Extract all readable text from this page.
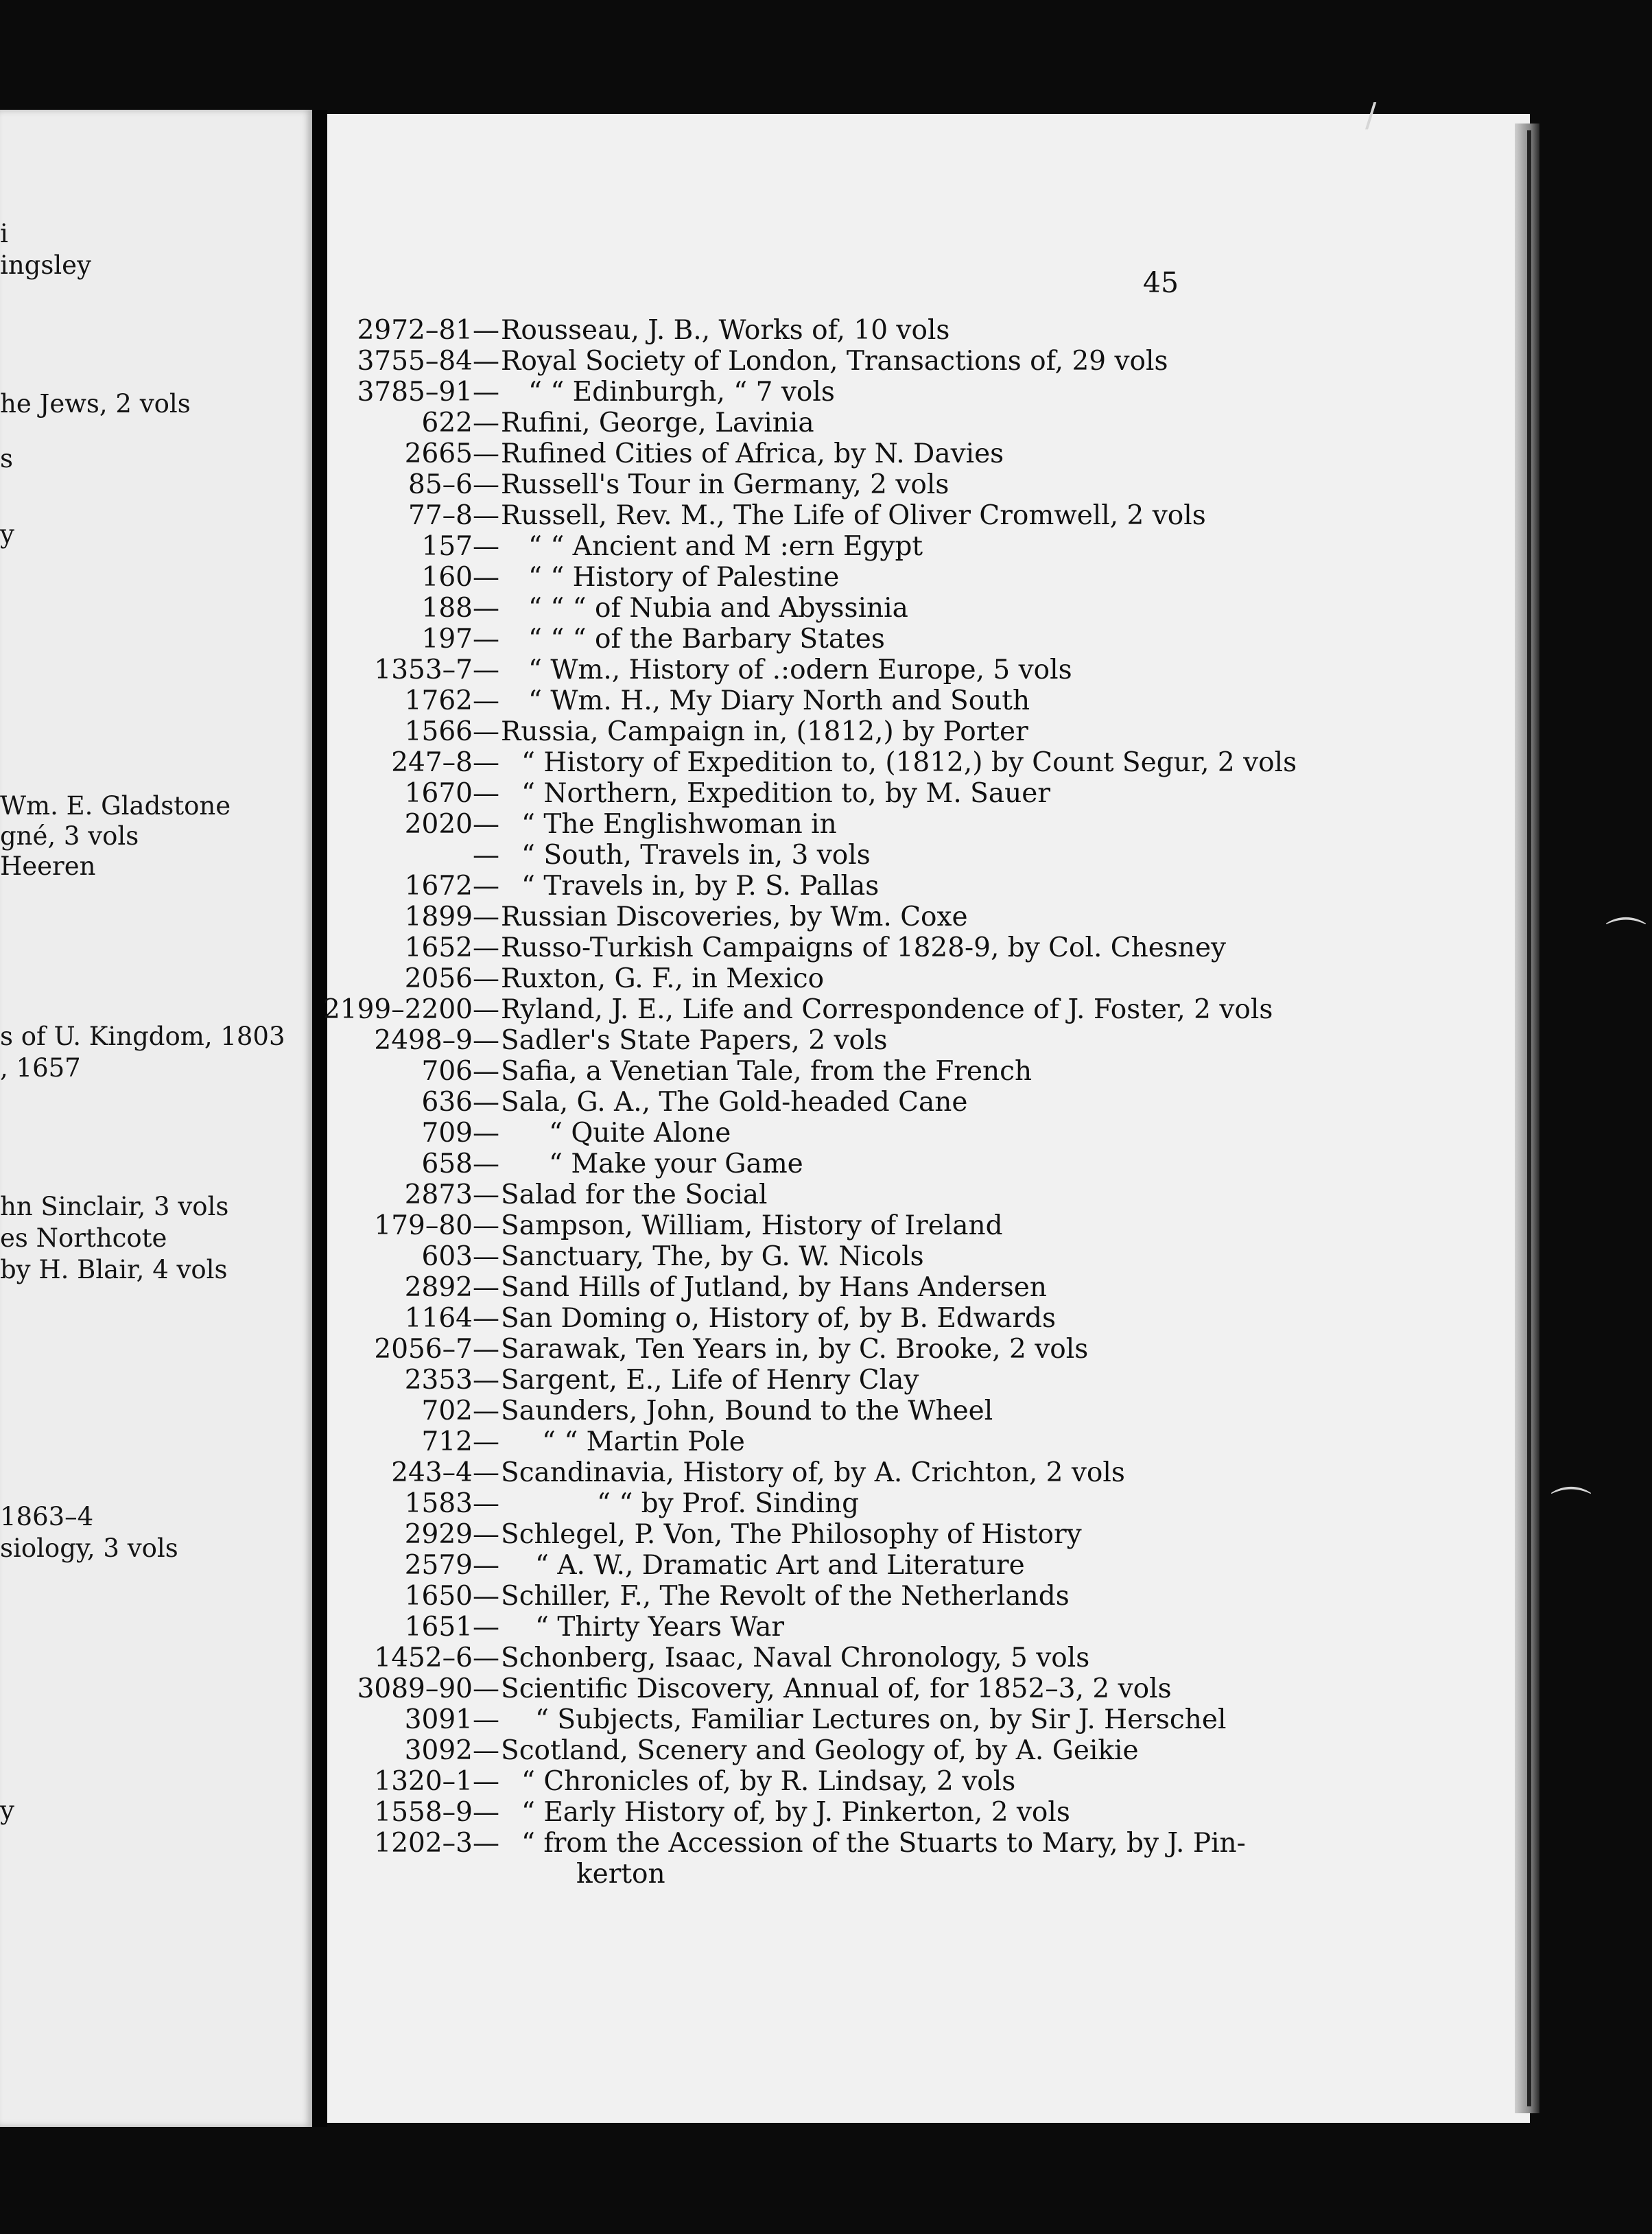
i
ingsley
he Jews, 2 vols
s
y
Wm. E. Gladstone
gné, 3 vols
Heeren
s of U. Kingdom, 1803
, 1657
hn Sinclair, 3 vols
es Northcote
by H. Blair, 4 vols
1863–4
siology, 3 vols
y
45
2972–81— Rousseau, J. B., Works of, 10 vols
3755–84— Royal Society of London, Transactions of, 29 vols
3785–91— “ “ Edinburgh, “ 7 vols
622— Rufini, George, Lavinia
2665— Rufined Cities of Africa, by N. Davies
85–6— Russell's Tour in Germany, 2 vols
77–8— Russell, Rev. M., The Life of Oliver Cromwell, 2 vols
157— “ “ Ancient and M :ern Egypt
160— “ “ History of Palestine
188— “ “ “ of Nubia and Abyssinia
197— “ “ “ of the Barbary States
1353–7— “ Wm., History of .:odern Europe, 5 vols
1762— “ Wm. H., My Diary North and South
1566— Russia, Campaign in, (1812,) by Porter
247–8— “ History of Expedition to, (1812,) by Count Segur, 2 vols
1670— “ Northern, Expedition to, by M. Sauer
2020— “ The Englishwoman in
— “ South, Travels in, 3 vols
1672— “ Travels in, by P. S. Pallas
1899— Russian Discoveries, by Wm. Coxe
1652— Russo-Turkish Campaigns of 1828-9, by Col. Chesney
2056— Ruxton, G. F., in Mexico
2199–2200— Ryland, J. E., Life and Correspondence of J. Foster, 2 vols
2498–9— Sadler's State Papers, 2 vols
706— Safia, a Venetian Tale, from the French
636— Sala, G. A., The Gold-headed Cane
709— “ Quite Alone
658— “ Make your Game
2873— Salad for the Social
179–80— Sampson, William, History of Ireland
603— Sanctuary, The, by G. W. Nicols
2892— Sand Hills of Jutland, by Hans Andersen
1164— San Doming o, History of, by B. Edwards
2056–7— Sarawak, Ten Years in, by C. Brooke, 2 vols
2353— Sargent, E., Life of Henry Clay
702— Saunders, John, Bound to the Wheel
712— “ “ Martin Pole
243–4— Scandinavia, History of, by A. Crichton, 2 vols
1583—	“ “ by Prof. Sinding
2929— Schlegel, P. Von, The Philosophy of History
2579— “ A. W., Dramatic Art and Literature
1650— Schiller, F., The Revolt of the Netherlands
1651— “ Thirty Years War
1452–6— Schonberg, Isaac, Naval Chronology, 5 vols
3089–90— Scientific Discovery, Annual of, for 1852–3, 2 vols
3091— “ Subjects, Familiar Lectures on, by Sir J. Herschel
3092— Scotland, Scenery and Geology of, by A. Geikie
1320–1— “ Chronicles of, by R. Lindsay, 2 vols
1558–9— “ Early History of, by J. Pinkerton, 2 vols
1202–3— “ from the Accession of the Stuarts to Mary, by J. Pin-
kerton
/
⌒
⌒
